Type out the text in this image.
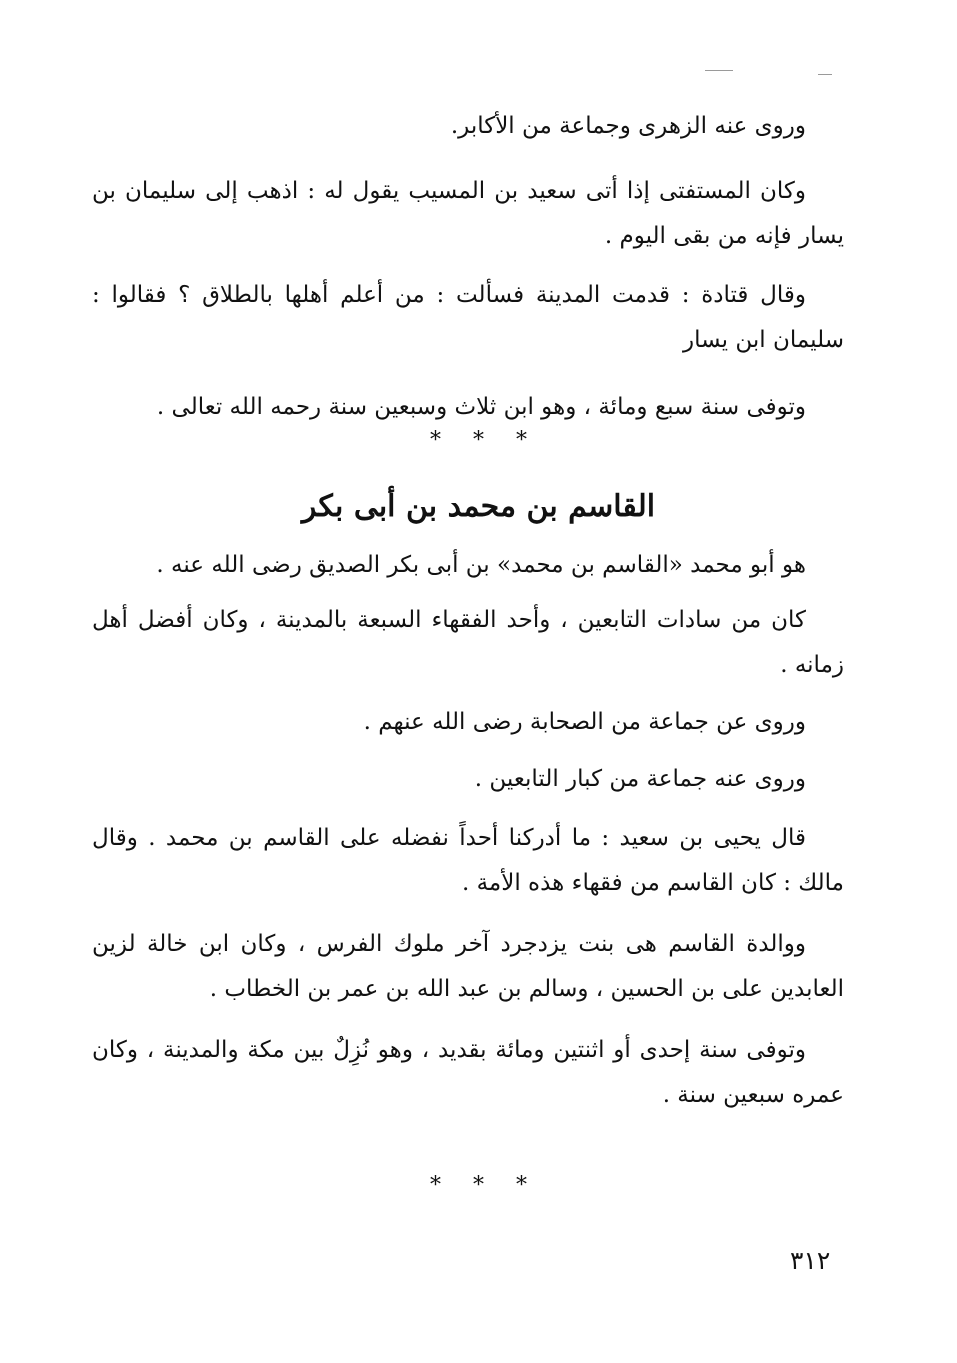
وروى عنه الزهرى وجماعة من الأكابر.

وكان المستفتى إذا أتى سعيد بن المسيب يقول له : اذهب إلى سليمان بن يسار فإنه من بقى اليوم .

وقال قتادة : قدمت المدينة فسألت : من أعلم أهلها بالطلاق ؟ فقالوا : سليمان ابن يسار

وتوفى سنة سبع ومائة ، وهو ابن ثلاث وسبعين سنة رحمه الله تعالى .

* * *
القاسم بن محمد بن أبى بكر

هو أبو محمد «القاسم بن محمد» بن أبى بكر الصديق رضى الله عنه .

كان من سادات التابعين ، وأحد الفقهاء السبعة بالمدينة ، وكان أفضل أهل زمانه .

وروى عن جماعة من الصحابة رضى الله عنهم .

وروى عنه جماعة من كبار التابعين .

قال يحيى بن سعيد : ما أدركنا أحداً نفضله على القاسم بن محمد . وقال مالك : كان القاسم من فقهاء هذه الأمة .

ووالدة القاسم هى بنت يزدجرد آخر ملوك الفرس ، وكان ابن خالة لزين العابدين على بن الحسين ، وسالم بن عبد الله بن عمر بن الخطاب .

وتوفى سنة إحدى أو اثنتين ومائة بقديد ، وهو نُزِلٌ بين مكة والمدينة ، وكان عمره سبعين سنة .

* * *
٣١٢
